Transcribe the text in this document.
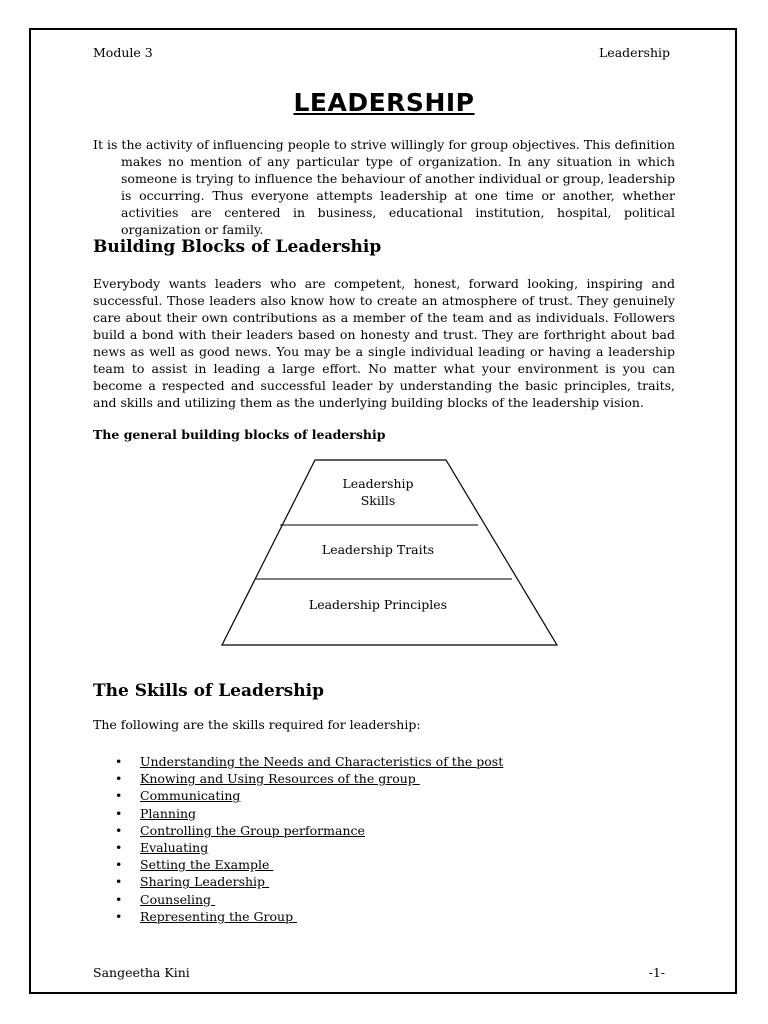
Module 3	Leadership
LEADERSHIP

It is the activity of influencing people to strive willingly for group objectives. This definition makes no mention of any particular type of organization. In any situation in which someone is trying to influence the behaviour of another individual or group, leadership is occurring. Thus everyone attempts leadership at one time or another, whether activities are centered in business, educational institution, hospital, political organization or family.

Building Blocks of Leadership

Everybody wants leaders who are competent, honest, forward looking, inspiring and successful. Those leaders also know how to create an atmosphere of trust. They genuinely care about their own contributions as a member of the team and as individuals. Followers build a bond with their leaders based on honesty and trust. They are forthright about bad news as well as good news. You may be a single individual leading or having a leadership team to assist in leading a large effort. No matter what your environment is you can become a respected and successful leader by understanding the basic principles, traits, and skills and utilizing them as the underlying building blocks of the leadership vision.

The general building blocks of leadership
Leadership
Skills
Leadership Traits
Leadership Principles
The Skills of Leadership
The following are the skills required for leadership:
• Understanding the Needs and Characteristics of the post
• Knowing and Using Resources of the group
• Communicating
• Planning
• Controlling the Group performance
• Evaluating
• Setting the Example
• Sharing Leadership
• Counseling
• Representing the Group
Sangeetha Kini	-1-
